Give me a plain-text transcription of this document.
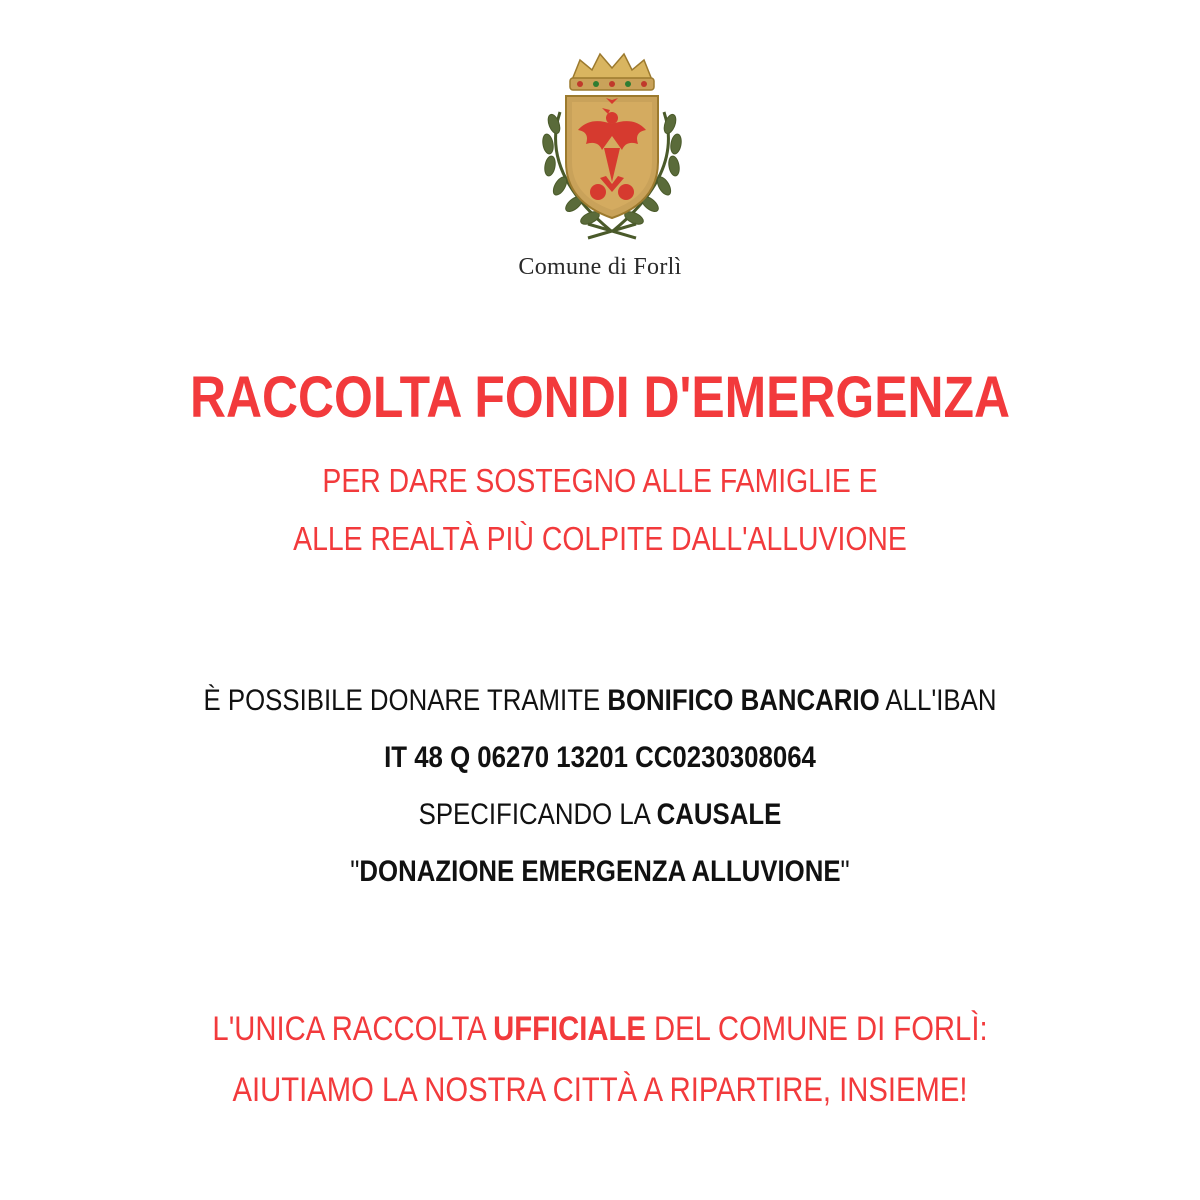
Comune di Forlì
RACCOLTA FONDI D'EMERGENZA
PER DARE SOSTEGNO ALLE FAMIGLIE E
ALLE REALTÀ PIÙ COLPITE DALL'ALLUVIONE
È POSSIBILE DONARE TRAMITE BONIFICO BANCARIO ALL'IBAN
IT 48 Q 06270 13201 CC0230308064
SPECIFICANDO LA CAUSALE
"DONAZIONE EMERGENZA ALLUVIONE"
L'UNICA RACCOLTA UFFICIALE DEL COMUNE DI FORLÌ:
AIUTIAMO LA NOSTRA CITTÀ A RIPARTIRE, INSIEME!
